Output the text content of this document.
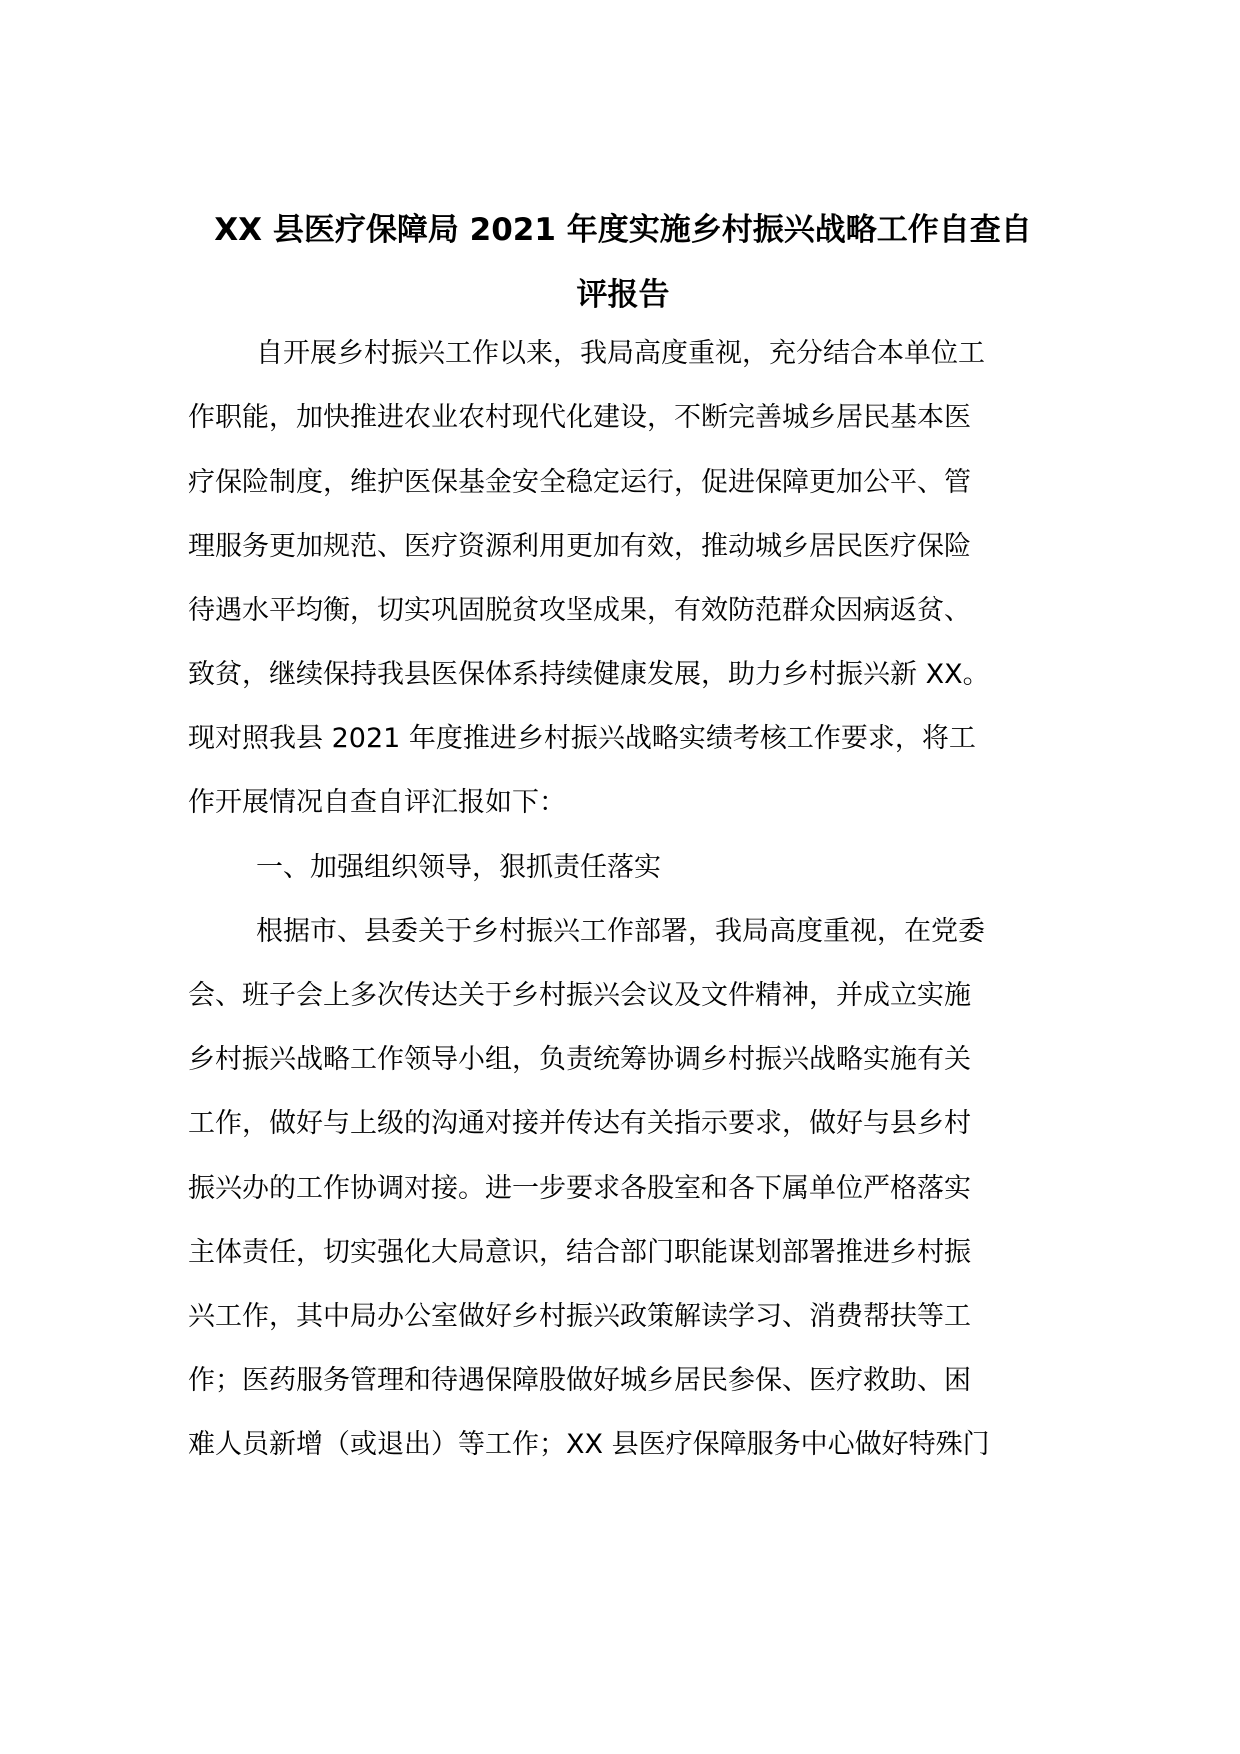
XX 县医疗保障局 2021 年度实施乡村振兴战略工作自查自
评报告

自开展乡村振兴工作以来，我局高度重视，充分结合本单位工

作职能，加快推进农业农村现代化建设，不断完善城乡居民基本医

疗保险制度，维护医保基金安全稳定运行，促进保障更加公平、管

理服务更加规范、医疗资源利用更加有效，推动城乡居民医疗保险

待遇水平均衡，切实巩固脱贫攻坚成果，有效防范群众因病返贫、

致贫，继续保持我县医保体系持续健康发展，助力乡村振兴新 XX。

现对照我县 2021 年度推进乡村振兴战略实绩考核工作要求，将工

作开展情况自查自评汇报如下：

一、加强组织领导，狠抓责任落实

根据市、县委关于乡村振兴工作部署，我局高度重视，在党委

会、班子会上多次传达关于乡村振兴会议及文件精神，并成立实施

乡村振兴战略工作领导小组，负责统筹协调乡村振兴战略实施有关

工作，做好与上级的沟通对接并传达有关指示要求，做好与县乡村

振兴办的工作协调对接。进一步要求各股室和各下属单位严格落实

主体责任，切实强化大局意识，结合部门职能谋划部署推进乡村振

兴工作，其中局办公室做好乡村振兴政策解读学习、消费帮扶等工

作；医药服务管理和待遇保障股做好城乡居民参保、医疗救助、困

难人员新增（或退出）等工作；XX 县医疗保障服务中心做好特殊门
